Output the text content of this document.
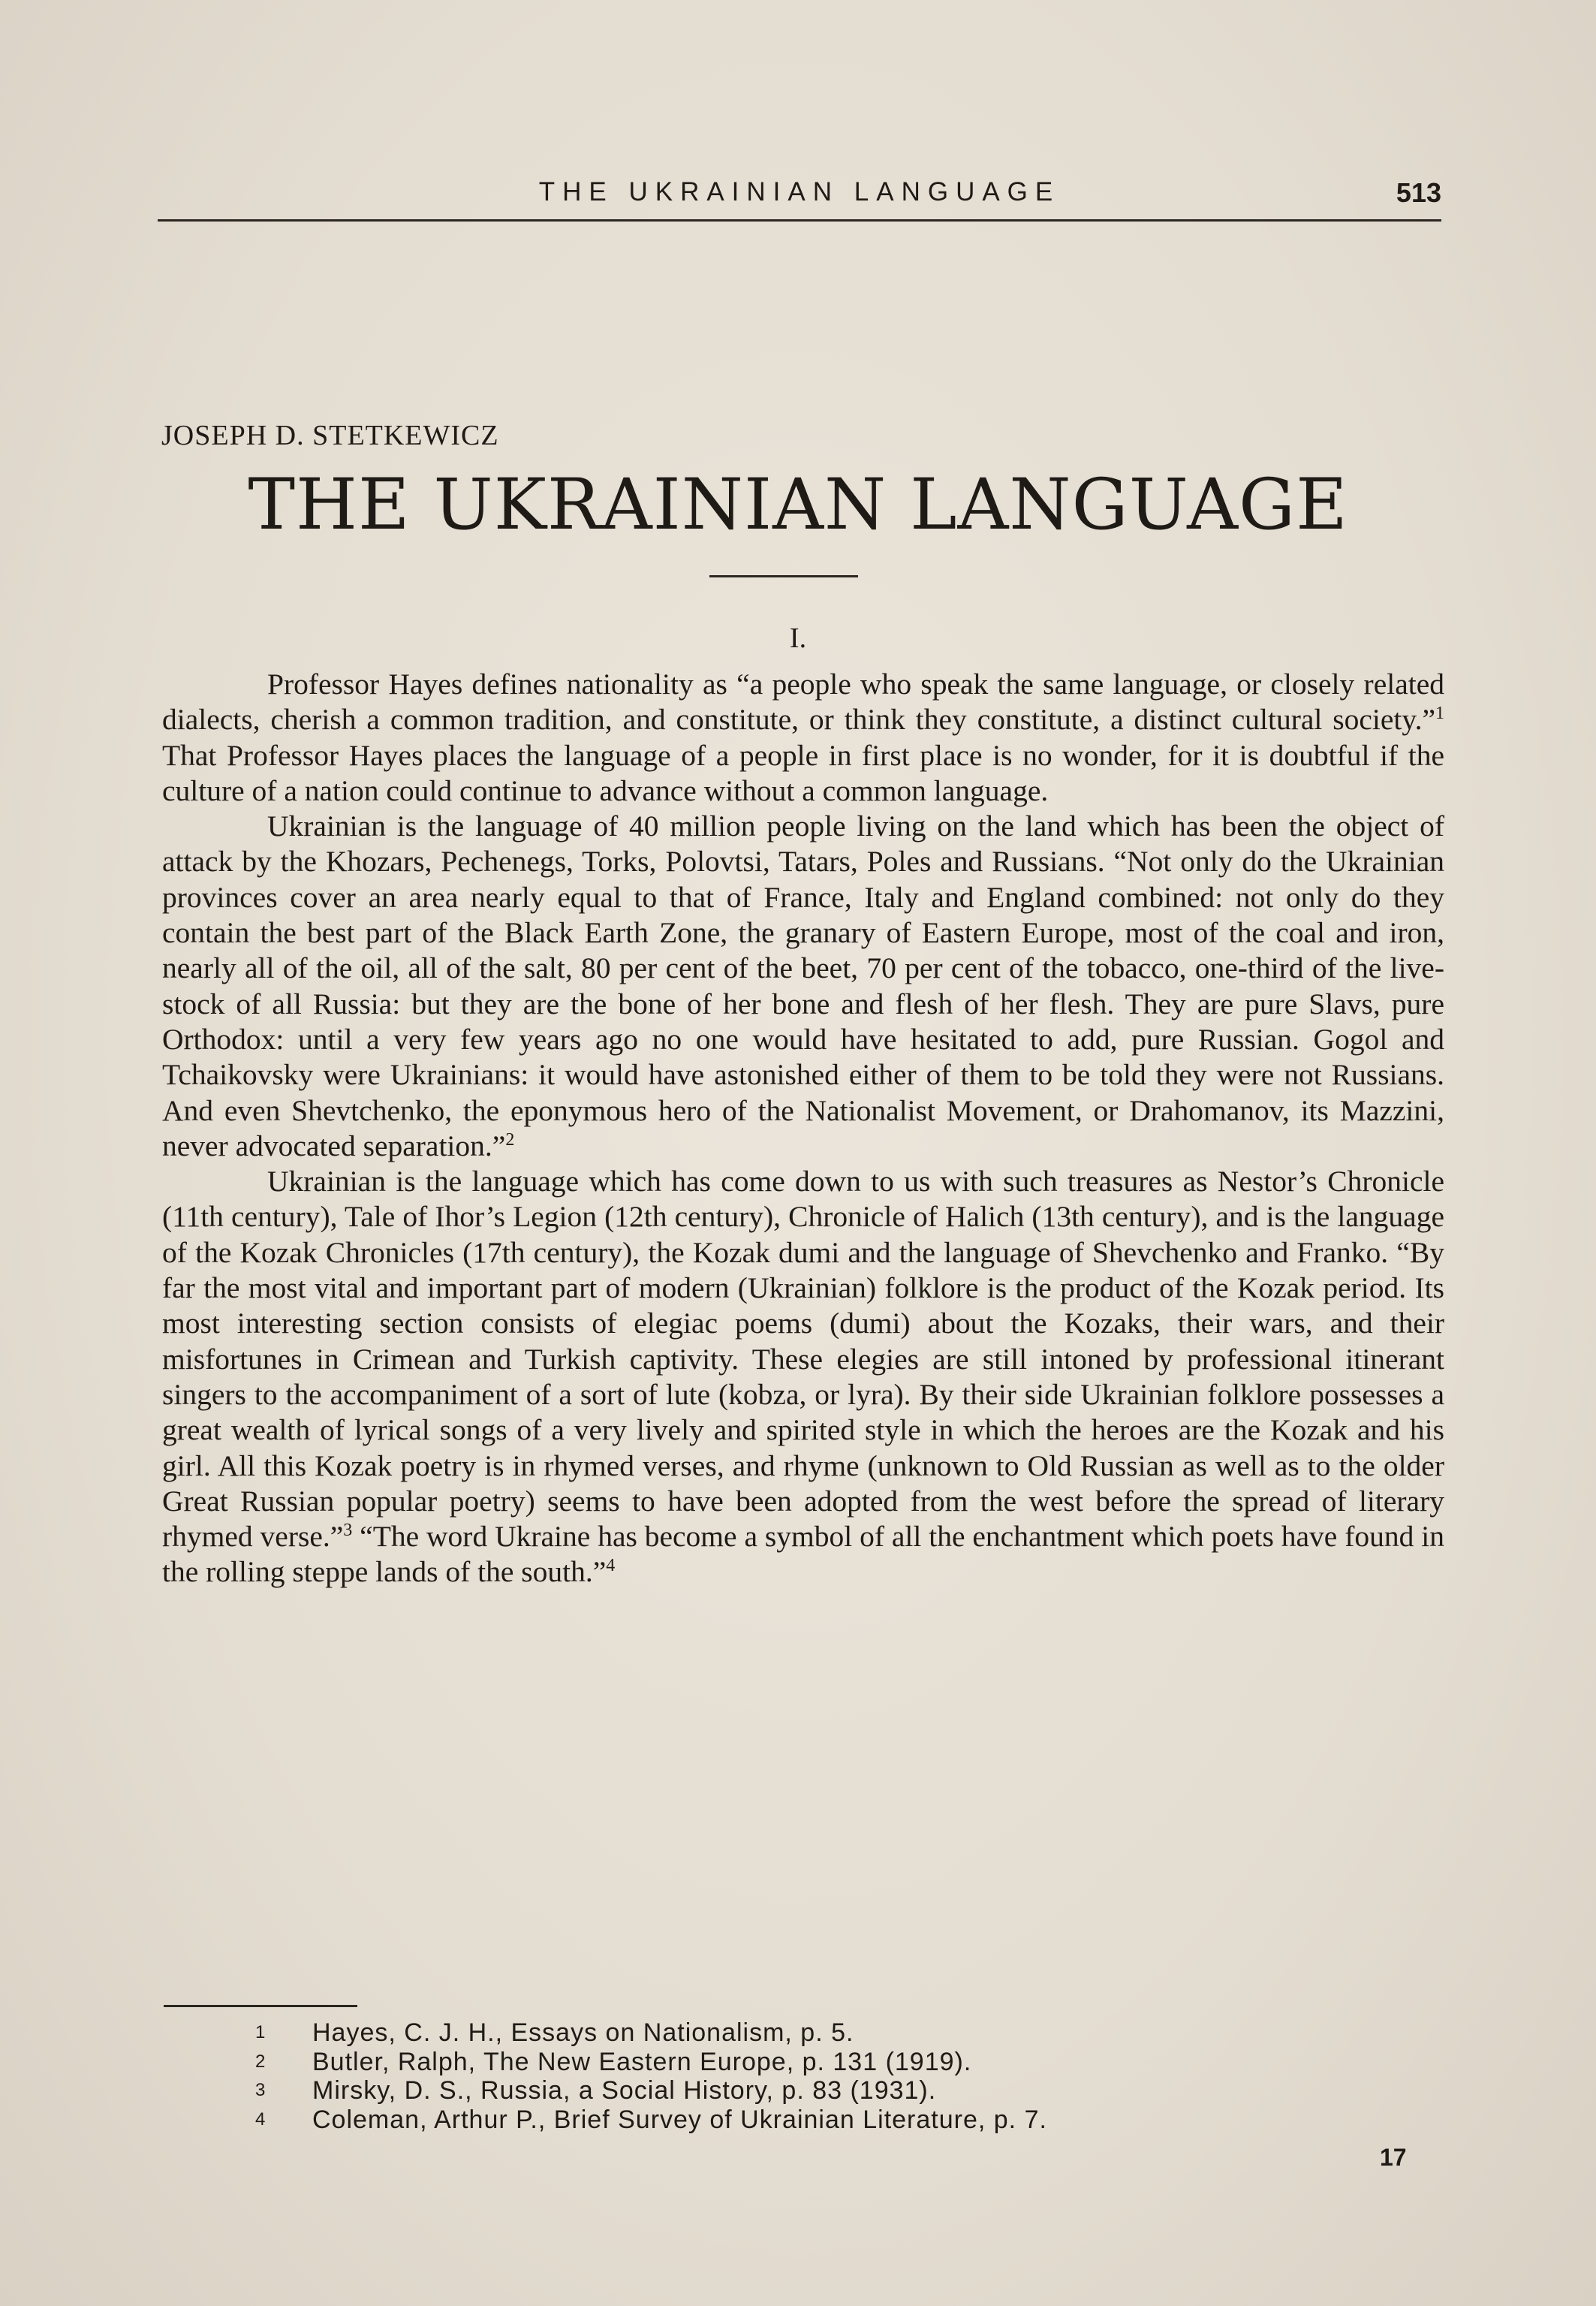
THE UKRAINIAN LANGUAGE	513
JOSEPH D. STETKEWICZ
THE UKRAINIAN LANGUAGE
I.

Professor Hayes defines nationality as “a people who speak the same language, or closely related dialects, cherish a common tradition, and constitute, or think they constitute, a distinct cultural society.”$^1$ That Professor Hayes places the language of a people in first place is no wonder, for it is doubtful if the culture of a nation could continue to advance without a common language.

Ukrainian is the language of 40 million people living on the land which has been the object of attack by the Khozars, Pechenegs, Torks, Polovtsi, Tatars, Poles and Russians. “Not only do the Ukrainian provinces cover an area nearly equal to that of France, Italy and England combined: not only do they contain the best part of the Black Earth Zone, the granary of Eastern Europe, most of the coal and iron, nearly all of the oil, all of the salt, 80 per cent of the beet, 70 per cent of the tobacco, one-third of the live-stock of all Russia: but they are the bone of her bone and flesh of her flesh. They are pure Slavs, pure Orthodox: until a very few years ago no one would have hesitated to add, pure Russian. Gogol and Tchaikovsky were Ukrainians: it would have astonished either of them to be told they were not Russians. And even Shevtchenko, the eponymous hero of the Nationalist Movement, or Drahomanov, its Mazzini, never advocated separation.”$^2$

Ukrainian is the language which has come down to us with such treasures as Nestor’s Chronicle (11th century), Tale of Ihor’s Legion (12th century), Chronicle of Halich (13th century), and is the language of the Kozak Chronicles (17th century), the Kozak dumi and the language of Shevchenko and Franko. “By far the most vital and important part of modern (Ukrainian) folklore is the product of the Kozak period. Its most interesting section consists of elegiac poems (dumi) about the Kozaks, their wars, and their misfortunes in Crimean and Turkish captivity. These elegies are still intoned by professional itinerant singers to the accompaniment of a sort of lute (kobza, or lyra). By their side Ukrainian folklore possesses a great wealth of lyrical songs of a very lively and spirited style in which the heroes are the Kozak and his girl. All this Kozak poetry is in rhymed verses, and rhyme (unknown to Old Russian as well as to the older Great Russian popular poetry) seems to have been adopted from the west before the spread of literary rhymed verse.”$^3$ “The word Ukraine has become a symbol of all the enchantment which poets have found in the rolling steppe lands of the south.”$^4$

1	Hayes, C. J. H., Essays on Nationalism, p. 5.
2	Butler, Ralph, The New Eastern Europe, p. 131 (1919).
3	Mirsky, D. S., Russia, a Social History, p. 83 (1931).
4	Coleman, Arthur P., Brief Survey of Ukrainian Literature, p. 7.
17
